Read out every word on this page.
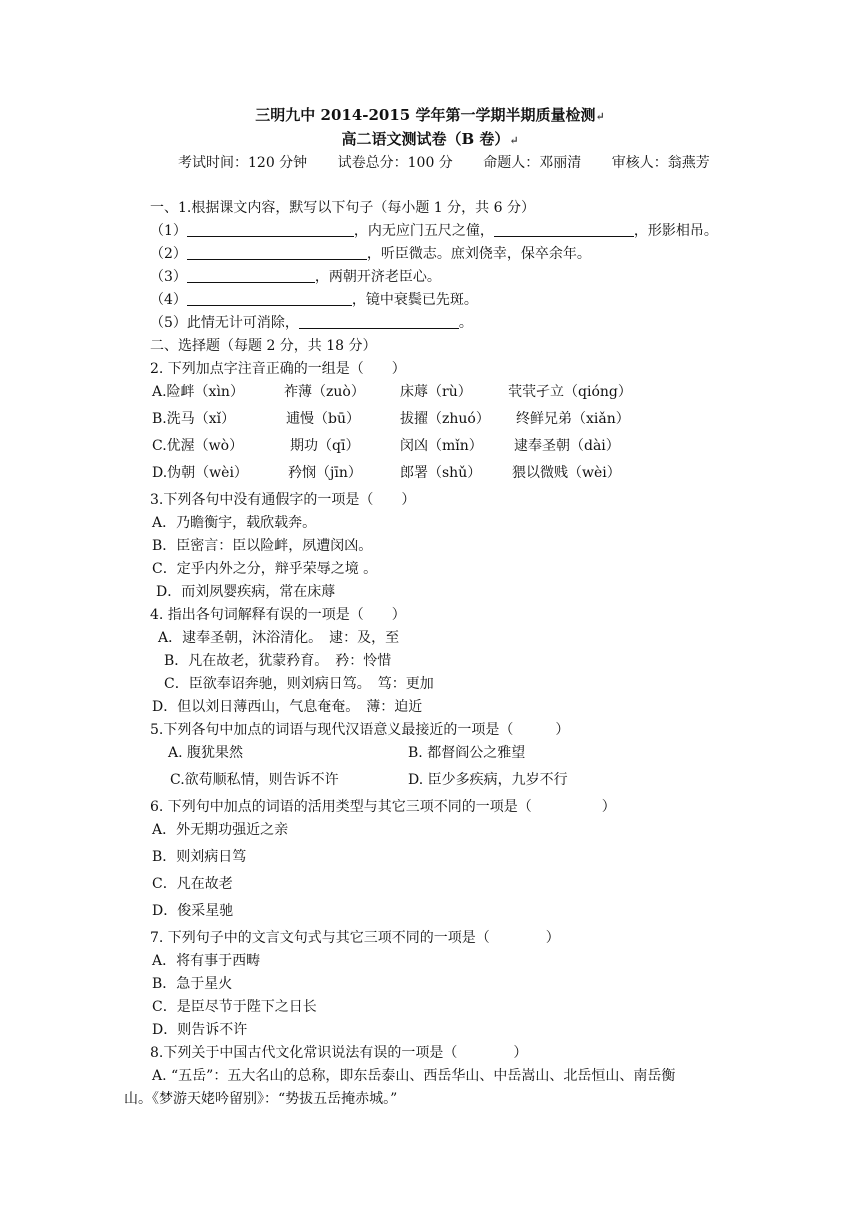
三明九中 2014-2015 学年第一学期半期质量检测↵
高二语文测试卷（B 卷）↵
考试时间：120 分钟 试卷总分：100 分 命题人：邓丽清 审核人：翁燕芳
一、1.根据课文内容，默写以下句子（每小题 1 分，共 6 分）
（1）	，内无应门五尺之僮，	，形影相吊。
（2）	，听臣微志。庶刘侥幸，保卒余年。
（3）	，两朝开济老臣心。
（4）	，镜中衰鬓已先斑。
（5）此情无计可消除，	。
二、选择题（每题 2 分，共 18 分）
2. 下列加点字注音正确的一组是（　　）
A.险衅（xìn）	祚薄（zuò）	床蓐（rù）	茕茕孑立（qióng）
B.洗马（xǐ）	逋慢（bū）	拔擢（zhuó） 终鲜兄弟（xiǎn）
C.优渥（wò）	期功（qī）	闵凶（mǐn） 逮奉圣朝（dài）
D.伪朝（wèi）	矜悯（jīn）	郎署（shǔ） 猥以微贱（wèi）
3.下列各句中没有通假字的一项是（　　）
A．乃瞻衡宇，载欣载奔。
B．臣密言：臣以险衅，夙遭闵凶。
C．定乎内外之分，辩乎荣辱之境 。
D．而刘夙婴疾病，常在床蓐
4. 指出各句词解释有误的一项是（　　）
A．逮奉圣朝，沐浴清化。　逮：及，至
B．凡在故老，犹蒙矜育。　矜：怜惜
C．臣欲奉诏奔驰，则刘病日笃。　笃：更加
D．但以刘日薄西山，气息奄奄。　薄：迫近
5.下列各句中加点的词语与现代汉语意义最接近的一项是（　　　）
A. 腹犹果然	B. 都督阎公之雅望
C.欲苟顺私情，则告诉不许	D. 臣少多疾病，九岁不行
6. 下列句中加点的词语的活用类型与其它三项不同的一项是（　　　　　）
A．外无期功强近之亲
B．则刘病日笃
C．凡在故老
D．俊采星驰
7. 下列句子中的文言文句式与其它三项不同的一项是（　　　　）
A．将有事于西畴
B．急于星火
C．是臣尽节于陛下之日长
D．则告诉不许
8.下列关于中国古代文化常识说法有误的一项是（　　　　）
A. “五岳”：五大名山的总称，即东岳泰山、西岳华山、中岳嵩山、北岳恒山、南岳衡
山。《梦游天姥吟留别》：“势拔五岳掩赤城。”
